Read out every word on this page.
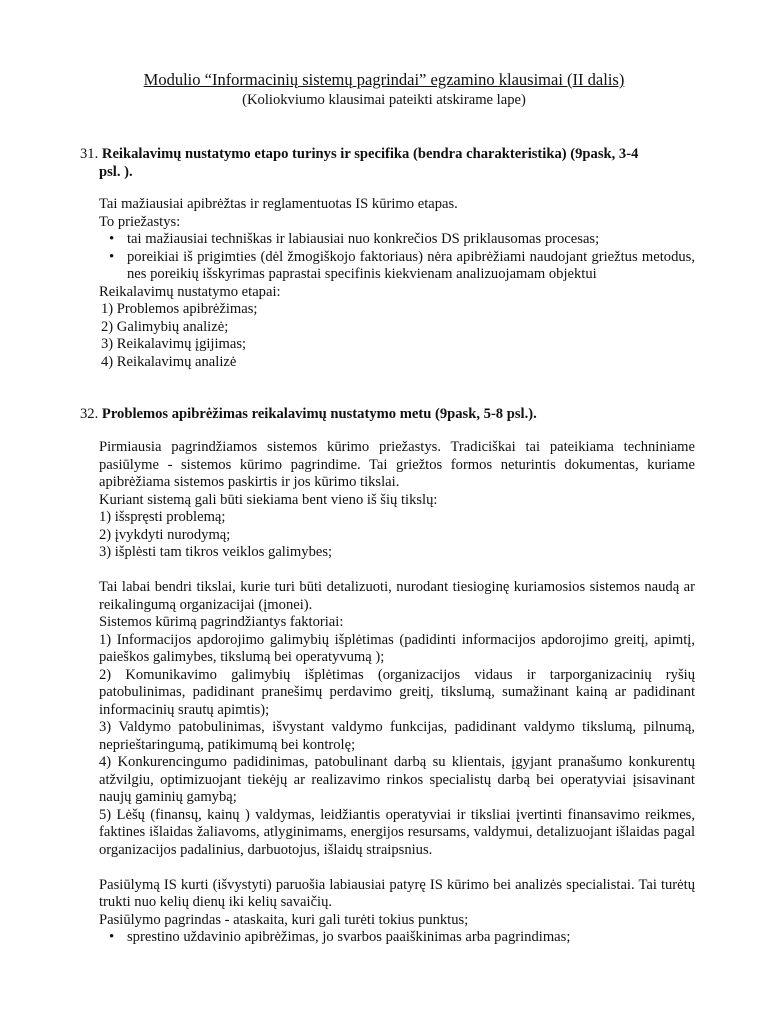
Modulio “Informacinių sistemų pagrindai” egzamino klausimai (II dalis)
(Koliokviumo klausimai pateikti atskirame lape)
31. Reikalavimų nustatymo etapo turinys ir specifika (bendra charakteristika) (9pask, 3-4
psl. ).

Tai mažiausiai apibrėžtas ir reglamentuotas IS kūrimo etapas.

To priežastys:

• tai mažiausiai techniškas ir labiausiai nuo konkrečios DS priklausomas procesas;
• poreikiai iš prigimties (dėl žmogiškojo faktoriaus) nėra apibrėžiami naudojant griežtus metodus, nes poreikių išskyrimas paprastai specifinis kiekvienam analizuojamam objektui

Reikalavimų nustatymo etapai:

1) Problemos apibrėžimas;

2) Galimybių analizė;

3) Reikalavimų įgijimas;

4) Reikalavimų analizė

32. Problemos apibrėžimas reikalavimų nustatymo metu (9pask, 5-8 psl.).

Pirmiausia pagrindžiamos sistemos kūrimo priežastys. Tradiciškai tai pateikiama techniniame pasiūlyme - sistemos kūrimo pagrindime. Tai griežtos formos neturintis dokumentas, kuriame apibrėžiama sistemos paskirtis ir jos kūrimo tikslai.

Kuriant sistemą gali būti siekiama bent vieno iš šių tikslų:

1) išspręsti problemą;

2) įvykdyti nurodymą;

3) išplėsti tam tikros veiklos galimybes;

Tai labai bendri tikslai, kurie turi būti detalizuoti, nurodant tiesioginę kuriamosios sistemos naudą ar reikalingumą organizacijai (įmonei).

Sistemos kūrimą pagrindžiantys faktoriai:

1) Informacijos apdorojimo galimybių išplėtimas (padidinti informacijos apdorojimo greitį, apimtį, paieškos galimybes, tikslumą bei operatyvumą );

2) Komunikavimo galimybių išplėtimas (organizacijos vidaus ir tarporganizacinių ryšių patobulinimas, padidinant pranešimų perdavimo greitį, tikslumą, sumažinant kainą ar padidinant informacinių srautų apimtis);

3) Valdymo patobulinimas, išvystant valdymo funkcijas, padidinant valdymo tikslumą, pilnumą, neprieštaringumą, patikimumą bei kontrolę;

4) Konkurencingumo padidinimas, patobulinant darbą su klientais, įgyjant pranašumo konkurentų atžvilgiu, optimizuojant tiekėjų ar realizavimo rinkos specialistų darbą bei operatyviai įsisavinant naujų gaminių gamybą;

5) Lėšų (finansų, kainų ) valdymas, leidžiantis operatyviai ir tiksliai įvertinti finansavimo reikmes, faktines išlaidas žaliavoms, atlyginimams, energijos resursams, valdymui, detalizuojant išlaidas pagal organizacijos padalinius, darbuotojus, išlaidų straipsnius.

Pasiūlymą IS kurti (išvystyti) paruošia labiausiai patyrę IS kūrimo bei analizės specialistai. Tai turėtų trukti nuo kelių dienų iki kelių savaičių.

Pasiūlymo pagrindas - ataskaita, kuri gali turėti tokius punktus;

• sprestino uždavinio apibrėžimas, jo svarbos paaiškinimas arba pagrindimas;
